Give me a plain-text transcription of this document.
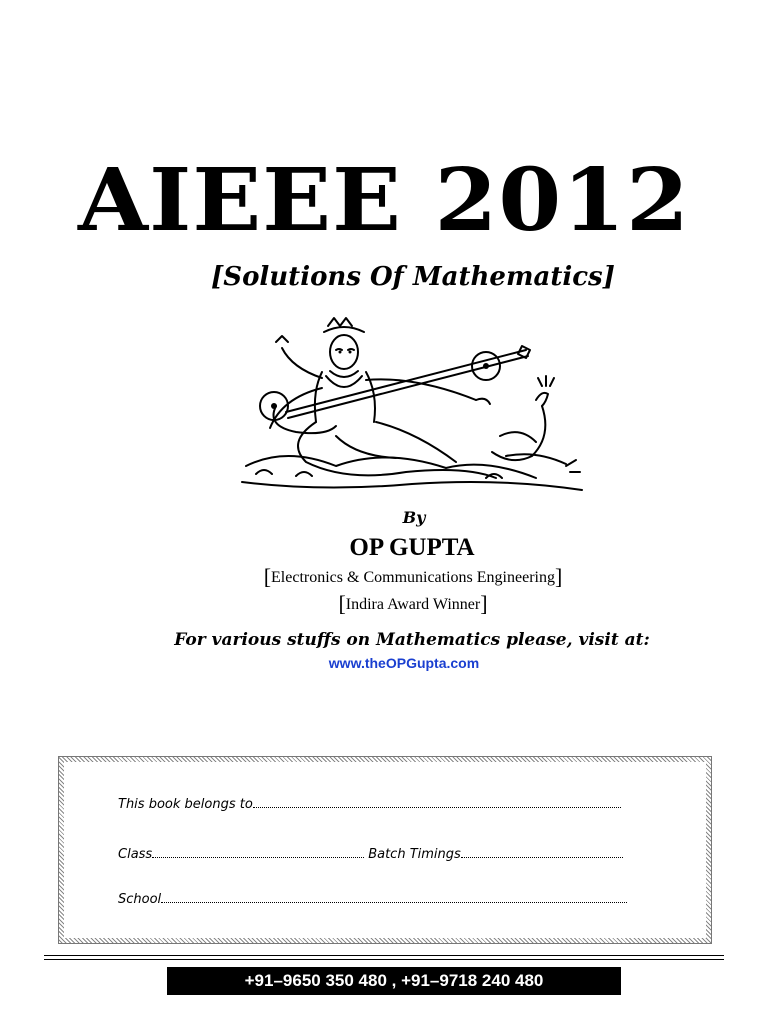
AIEEE 2012
[Solutions Of Mathematics]
By
OP GUPTA
[Electronics & Communications Engineering]
[Indira Award Winner]
For various stuffs on Mathematics please, visit at:
www.theOPGupta.com
This book belongs to
Class	Batch Timings
School
+91–9650 350 480 , +91–9718 240 480
